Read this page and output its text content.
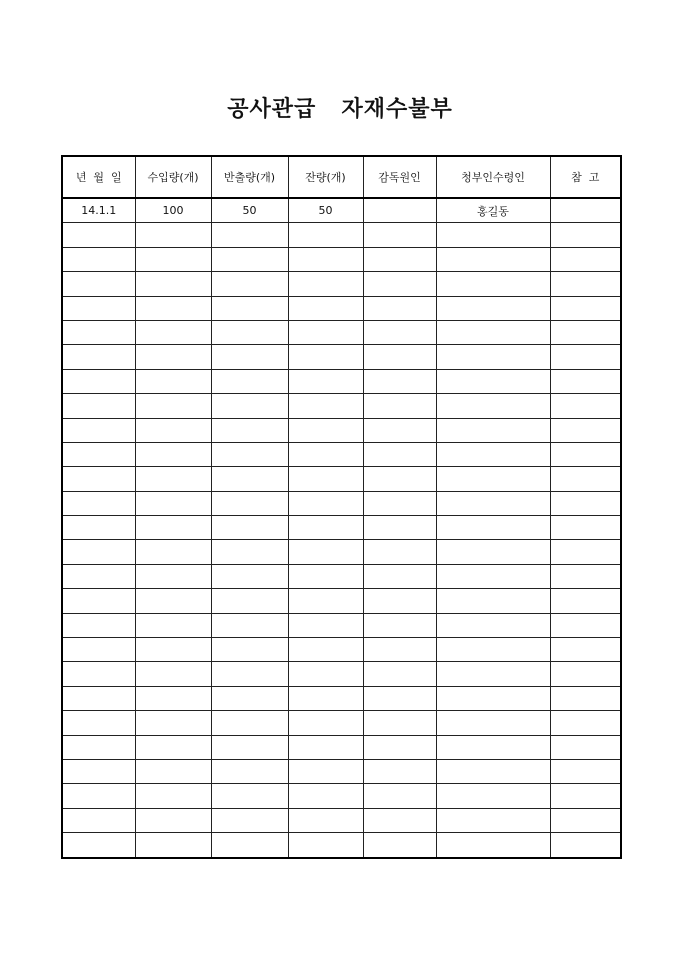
공사관급  자재수불부
년  월  일	수입량(개)	반출량(개)	잔량(개)	감독원인	청부인수령인	참  고
14.1.1	100	50	50		홍길동	
